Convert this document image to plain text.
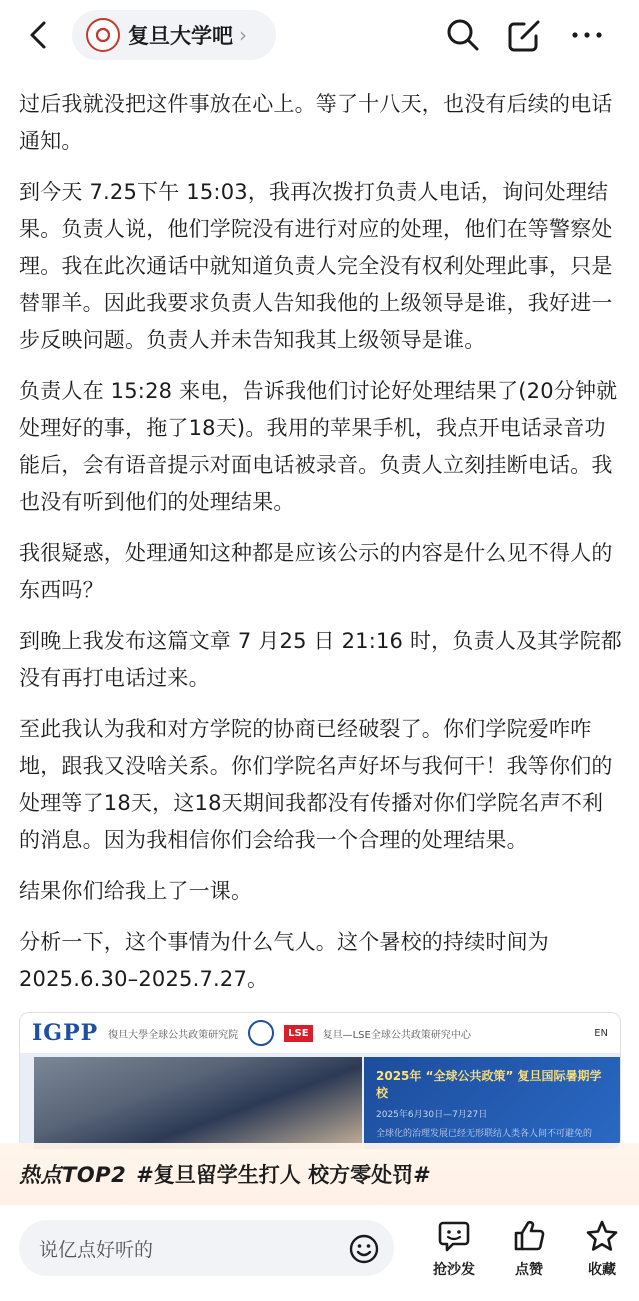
复旦大学吧 ›

过后我就没把这件事放在心上。等了十八天，也没有后续的电话通知。

到今天 7.25下午 15:03，我再次拨打负责人电话，询问处理结果。负责人说，他们学院没有进行对应的处理，他们在等警察处理。我在此次通话中就知道负责人完全没有权利处理此事，只是替罪羊。因此我要求负责人告知我他的上级领导是谁，我好进一步反映问题。负责人并未告知我其上级领导是谁。

负责人在 15:28 来电，告诉我他们讨论好处理结果了(20分钟就处理好的事，拖了18天)。我用的苹果手机，我点开电话录音功能后，会有语音提示对面电话被录音。负责人立刻挂断电话。我也没有听到他们的处理结果。

我很疑惑，处理通知这种都是应该公示的内容是什么见不得人的东西吗？

到晚上我发布这篇文章 7 月25 日 21:16 时，负责人及其学院都没有再打电话过来。

至此我认为我和对方学院的协商已经破裂了。你们学院爱咋咋地，跟我又没啥关系。你们学院名声好坏与我何干！我等你们的处理等了18天，这18天期间我都没有传播对你们学院名声不利的消息。因为我相信你们会给我一个合理的处理结果。

结果你们给我上了一课。

分析一下，这个事情为什么气人。这个暑校的持续时间为 2025.6.30–2025.7.27。

IGPP 復旦大學全球公共政策研究院	LSE	复旦—LSE全球公共政策研究中心	EN
2025年 “全球公共政策” 复旦国际暑期学校
2025年6月30日—7月27日
全球化的治理发展已经无形联结人类各人间不可避免的
热点TOP2 #复旦留学生打人 校方零处罚#
说亿点好听的
抢沙发	点赞	收藏
